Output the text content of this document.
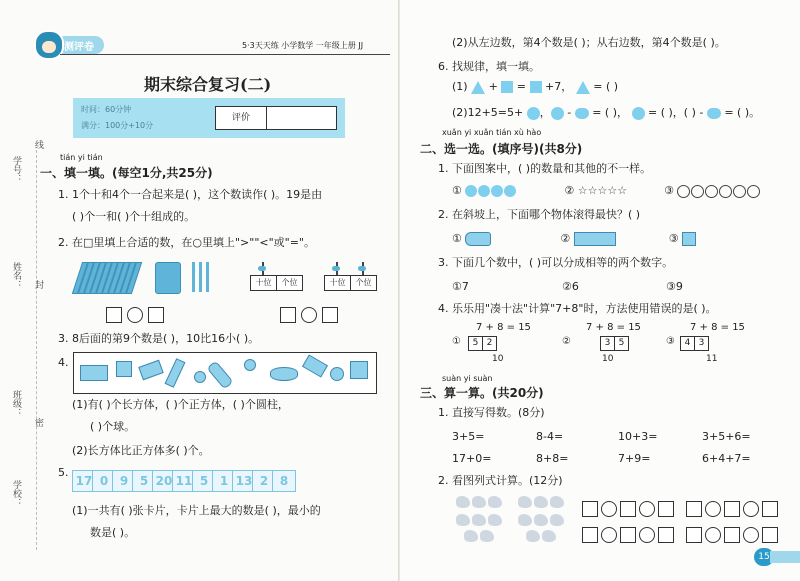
学号：
姓名：
班级：
学校：
线
封
密
测评卷	5·3天天练 小学数学 一年级上册 JJ
期末综合复习(二)
时间：60分钟
满分：100分+10分
评价
tián yi tián
一、填一填。(每空1分,共25分)
1. 1个十和4个一合起来是( )，这个数读作( )。19是由
( )个一和( )个十组成的。
2. 在□里填上合适的数，在○里填上">""<"或"="。
十位	个位	十位	个位

3. 8后面的第9个数是( )，10比16小( )。
4.
(1)有( )个长方体，( )个正方体，( )个圆柱，
( )个球。
(2)长方体比正方体多( )个。
5.
17 0 9 5 20 11 5 1 13 2 8
(1)一共有( )张卡片，卡片上最大的数是( )，最小的
数是( )。
(2)从左边数，第4个数是( )；从右边数，第4个数是( )。
6. 找规律，填一填。
(1)  +  =  +7，  = ( )
(2)12+5=5+ ， -  = ( )，  = ( )，( ) -  = ( )。
xuǎn yi xuǎn tián xù hào
二、选一选。(填序号)(共8分)
1. 下面图案中，( )的数量和其他的不一样。
①	② ☆☆☆☆☆	③
2. 在斜坡上，下面哪个物体滚得最快？( )
①	②	③
3. 下面几个数中，( )可以分成相等的两个数字。
①7	②6	③9
4. 乐乐用"凑十法"计算"7+8"时，方法使用错误的是( )。
①
7 + 8 = 15
5 2
10
②
7 + 8 = 15
3 5
10
③
7 + 8 = 15
4 3
11
suàn yi suàn
三、算一算。(共20分)
1. 直接写得数。(8分)
3+5=	8-4=	10+3=	3+5+6=
17+0=	8+8=	7+9=	6+4+7=
2. 看图列式计算。(12分)
15
